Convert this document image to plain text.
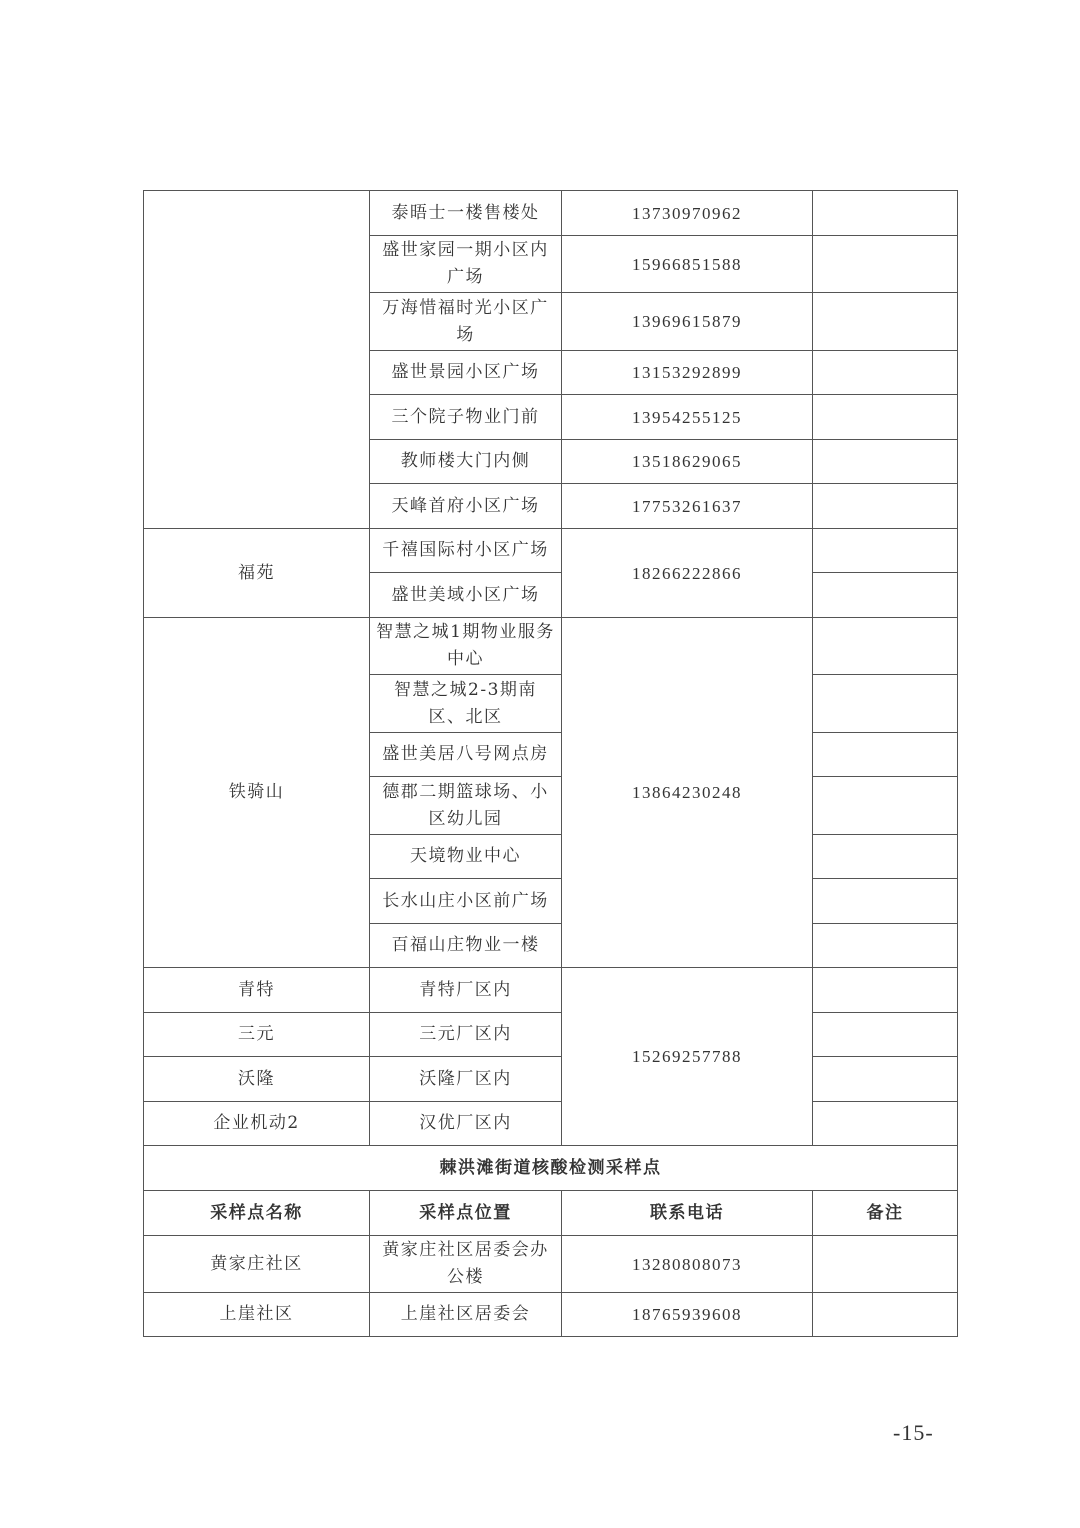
	泰晤士一楼售楼处	13730970962	
	盛世家园一期小区内广场	15966851588	
	万海惜福时光小区广场	13969615879	
	盛世景园小区广场	13153292899	
	三个院子物业门前	13954255125	
	教师楼大门内侧	13518629065	
	天峰首府小区广场	17753261637	
福苑	千禧国际村小区广场	18266222866	
	盛世美域小区广场		
铁骑山	智慧之城1期物业服务中心	13864230248	
	智慧之城2-3期南区、北区		
	盛世美居八号网点房		
	德郡二期篮球场、小区幼儿园		
	天境物业中心		
	长水山庄小区前广场		
	百福山庄物业一楼		
青特	青特厂区内	15269257788	
三元	三元厂区内		
沃隆	沃隆厂区内		
企业机动2	汉优厂区内		
棘洪滩街道核酸检测采样点			
采样点名称	采样点位置	联系电话	备注
黄家庄社区	黄家庄社区居委会办公楼	13280808073	
上崖社区	上崖社区居委会	18765939608	
-15-
